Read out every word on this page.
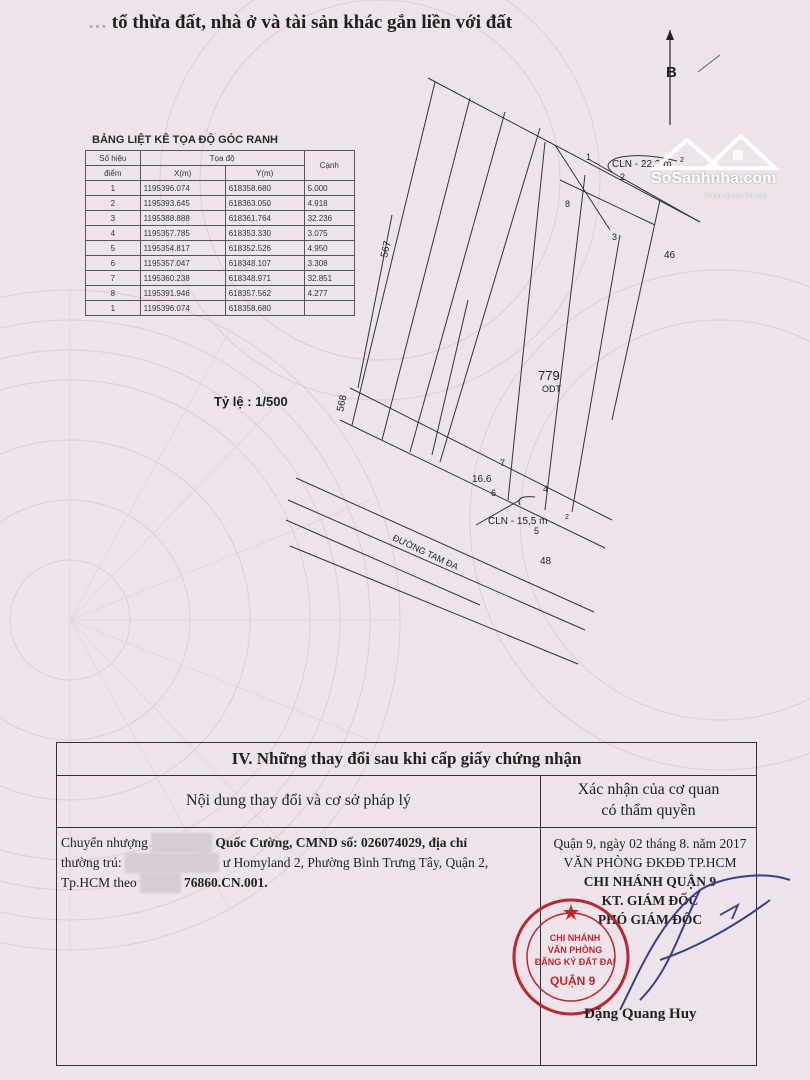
… tổ thừa đất, nhà ở và tài sản khác gắn liền với đất
BẢNG LIỆT KÊ TỌA ĐỘ GÓC RANH
Số hiệu	Tọa độ		Cạnh
điểm	X(m)	Y(m)	
1	1195396.074	618358.680	5.000
2	1195393.645	618363.050	4.918
3	1195388.888	618361.764	32.236
4	1195357.785	618353.330	3.075
5	1195354.817	618352.526	4.950
6	1195357.047	618348.107	3.308
7	1195360.238	618348.971	32.851
8	1195391.946	618357.562	4.277
1	1195396.074	618358.680	
Tỷ lệ : 1/500
B
CLN - 22,3 m 2
CLN - 15,5 m	2
779
ODT
567
568
46
48
16.6
ĐƯỜNG TAM ĐA
1
2
3
4
5
6
7
8
SoSanhnha.com
Great choice for you
IV. Những thay đổi sau khi cấp giấy chứng nhận
Nội dung thay đổi và cơ sở pháp lý
Xác nhận của cơ quan
có thẩm quyền
Chuyển nhượng	Quốc Cường, CMND số: 026074029, địa chỉ
thường trú:	ư Homyland 2, Phường Bình Trưng Tây, Quận 2,
Tp.HCM theo	76860.CN.001.
Quận 9, ngày 02 tháng 8. năm 2017
VĂN PHÒNG ĐKĐĐ TP.HCM
CHI NHÁNH QUẬN 9
KT. GIÁM ĐỐC
PHÓ GIÁM ĐỐC
CHI NHÁNH
VĂN PHÒNG
ĐĂNG KÝ ĐẤT ĐAI
QUẬN 9
Đặng Quang Huy
